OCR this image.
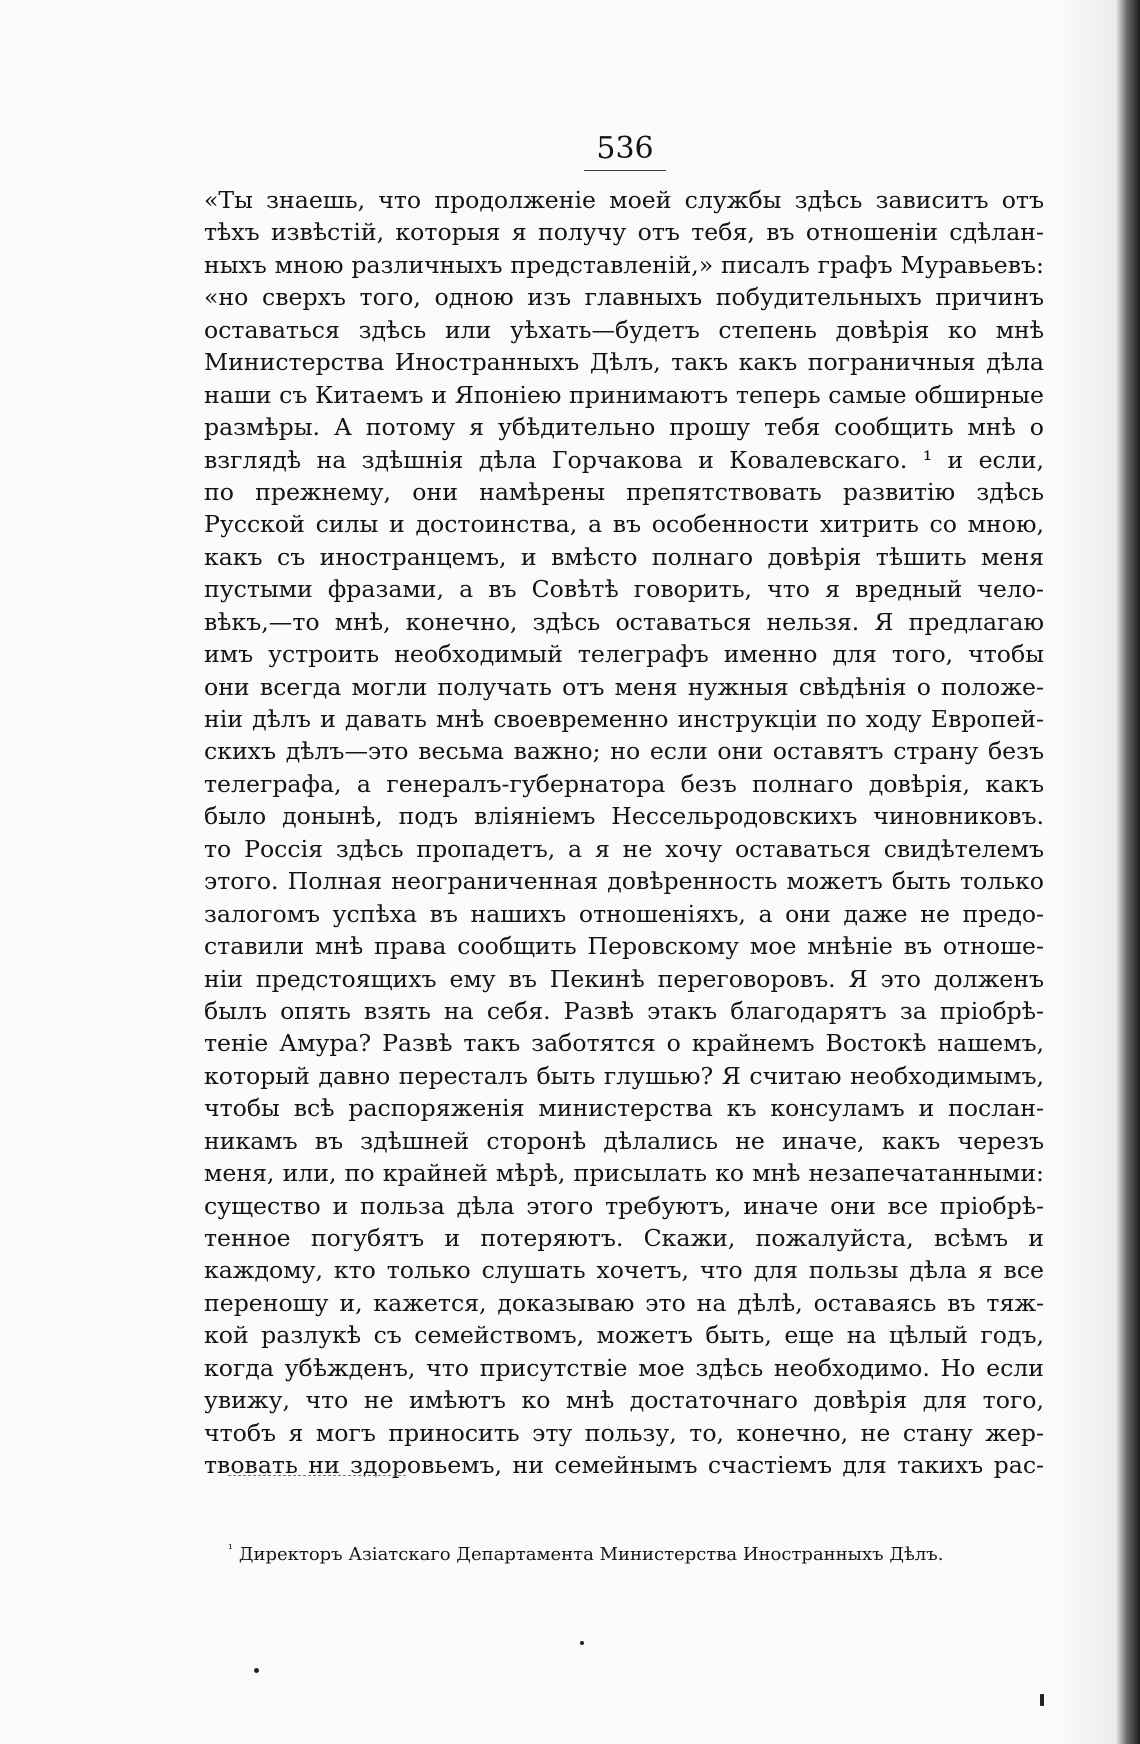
536
«Ты знаешь, что продолженіе моей службы здѣсь зависитъ отъ
тѣхъ извѣстій, которыя я получу отъ тебя, въ отношеніи сдѣлан-
ныхъ мною различныхъ представленій,» писалъ графъ Муравьевъ:
«но сверхъ того, одною изъ главныхъ побудительныхъ причинъ
оставаться здѣсь или уѣхать—будетъ степень довѣрія ко мнѣ
Министерства Иностранныхъ Дѣлъ, такъ какъ пограничныя дѣла
наши съ Китаемъ и Японіею принимаютъ теперь самые обширные
размѣры. А потому я убѣдительно прошу тебя сообщить мнѣ о
взглядѣ на здѣшнія дѣла Горчакова и Ковалевскаго. ¹ и если,
по прежнему, они намѣрены препятствовать развитію здѣсь
Русской силы и достоинства, а въ особенности хитрить со мною,
какъ съ иностранцемъ, и вмѣсто полнаго довѣрія тѣшить меня
пустыми фразами, а въ Совѣтѣ говорить, что я вредный чело-
вѣкъ,—то мнѣ, конечно, здѣсь оставаться нельзя. Я предлагаю
имъ устроить необходимый телеграфъ именно для того, чтобы
они всегда могли получать отъ меня нужныя свѣдѣнія о положе-
ніи дѣлъ и давать мнѣ своевременно инструкціи по ходу Европей-
скихъ дѣлъ—это весьма важно; но если они оставятъ страну безъ
телеграфа, а генералъ-губернатора безъ полнаго довѣрія, какъ
было донынѣ, подъ вліяніемъ Нессельродовскихъ чиновниковъ.
то Россія здѣсь пропадетъ, а я не хочу оставаться свидѣтелемъ
этого. Полная неограниченная довѣренность можетъ быть только
залогомъ успѣха въ нашихъ отношеніяхъ, а они даже не предо-
ставили мнѣ права сообщить Перовскому мое мнѣніе въ отноше-
ніи предстоящихъ ему въ Пекинѣ переговоровъ. Я это долженъ
былъ опять взять на себя. Развѣ этакъ благодарятъ за пріобрѣ-
теніе Амура? Развѣ такъ заботятся о крайнемъ Востокѣ нашемъ,
который давно пересталъ быть глушью? Я считаю необходимымъ,
чтобы всѣ распоряженія министерства къ консуламъ и послан-
никамъ въ здѣшней сторонѣ дѣлались не иначе, какъ черезъ
меня, или, по крайней мѣрѣ, присылать ко мнѣ незапечатанными:
существо и польза дѣла этого требуютъ, иначе они все пріобрѣ-
тенное погубятъ и потеряютъ. Скажи, пожалуйста, всѣмъ и
каждому, кто только слушать хочетъ, что для пользы дѣла я все
переношу и, кажется, доказываю это на дѣлѣ, оставаясь въ тяж-
кой разлукѣ съ семействомъ, можетъ быть, еще на цѣлый годъ,
когда убѣжденъ, что присутствіе мое здѣсь необходимо. Но если
увижу, что не имѣютъ ко мнѣ достаточнаго довѣрія для того,
чтобъ я могъ приносить эту пользу, то, конечно, не стану жер-
твовать ни здоровьемъ, ни семейнымъ счастіемъ для такихъ рас-
$^{^1}$ Директоръ Азіатскаго Департамента Министерства Иностранныхъ Дѣлъ.
